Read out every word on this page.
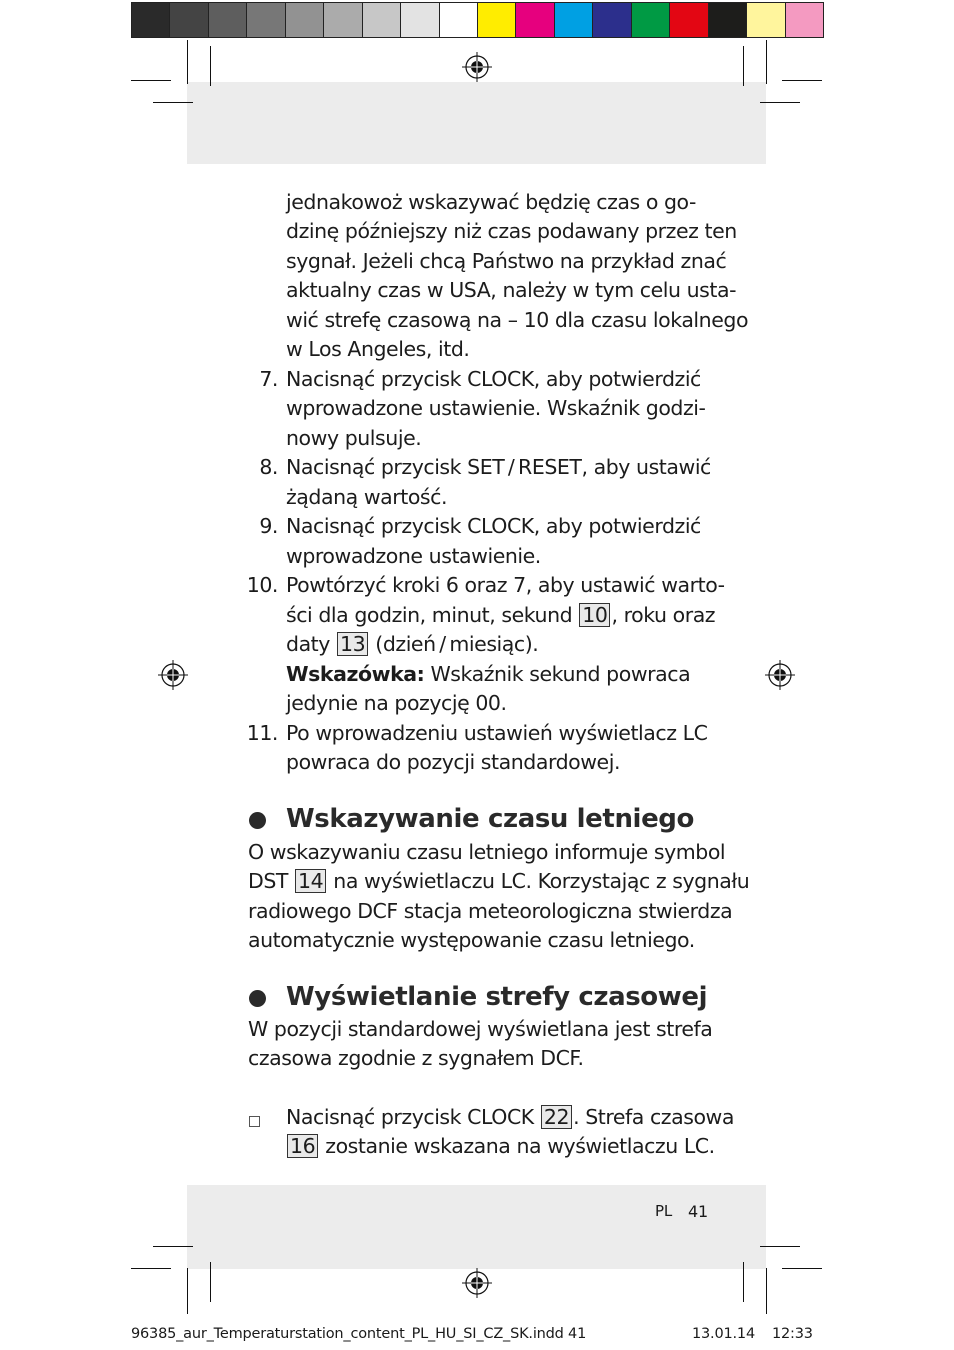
jednakowoż wskazywać będzię czas o go-
dzinę późniejszy niż czas podawany przez ten
sygnał. Jeżeli chcą Państwo na przykład znać
aktualny czas w USA, należy w tym celu usta-
wić strefę czasową na – 10 dla czasu lokalnego
w Los Angeles, itd.
7. Nacisnąć przycisk CLOCK, aby potwierdzić
wprowadzone ustawienie. Wskaźnik godzi-
nowy pulsuje.
8. Nacisnąć przycisk SET / RESET, aby ustawić
żądaną wartość.
9. Nacisnąć przycisk CLOCK, aby potwierdzić
wprowadzone ustawienie.
10. Powtórzyć kroki 6 oraz 7, aby ustawić warto-
ści dla godzin, minut, sekund 10 , roku oraz
daty 13 (dzień / miesiąc).
Wskazówka: Wskaźnik sekund powraca
jedynie na pozycję 00.
11. Po wprowadzeniu ustawień wyświetlacz LC
powraca do pozycji standardowej.
Wskazywanie czasu letniego
O wskazywaniu czasu letniego informuje symbol
DST 14 na wyświetlaczu LC. Korzystając z sygnału
radiowego DCF stacja meteorologiczna stwierdza
automatycznie występowanie czasu letniego.
Wyświetlanie strefy czasowej
W pozycji standardowej wyświetlana jest strefa
czasowa zgodnie z sygnałem DCF.
Nacisnąć przycisk CLOCK 22 . Strefa czasowa
16 zostanie wskazana na wyświetlaczu LC.
PL 41
96385_aur_Temperaturstation_content_PL_HU_SI_CZ_SK.indd 41	13.01.14 12:33
